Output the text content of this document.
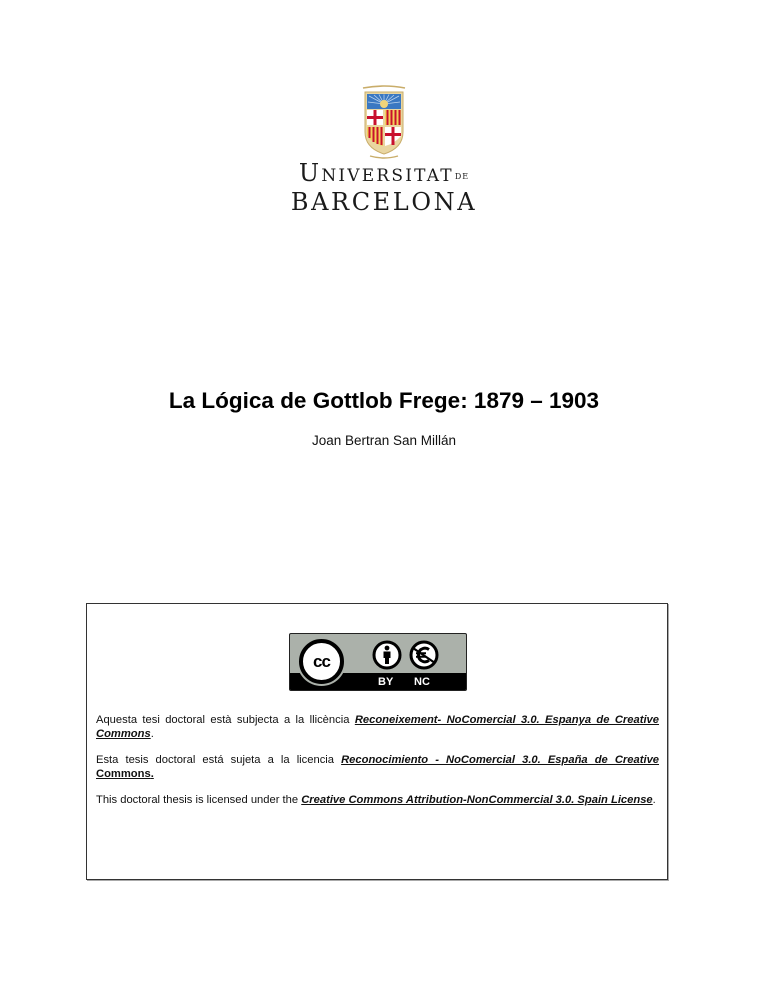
UNIVERSITATDE
BARCELONA
La Lógica de Gottlob Frege: 1879 – 1903
Joan Bertran San Millán
cc
BY NC

Aquesta tesi doctoral està subjecta a la llicència Reconeixement- NoComercial 3.0. Espanya de Creative Commons.

Esta tesis doctoral está sujeta a la licencia Reconocimiento - NoComercial 3.0. España de Creative Commons.

This doctoral thesis is licensed under the Creative Commons Attribution-NonCommercial 3.0. Spain License.
